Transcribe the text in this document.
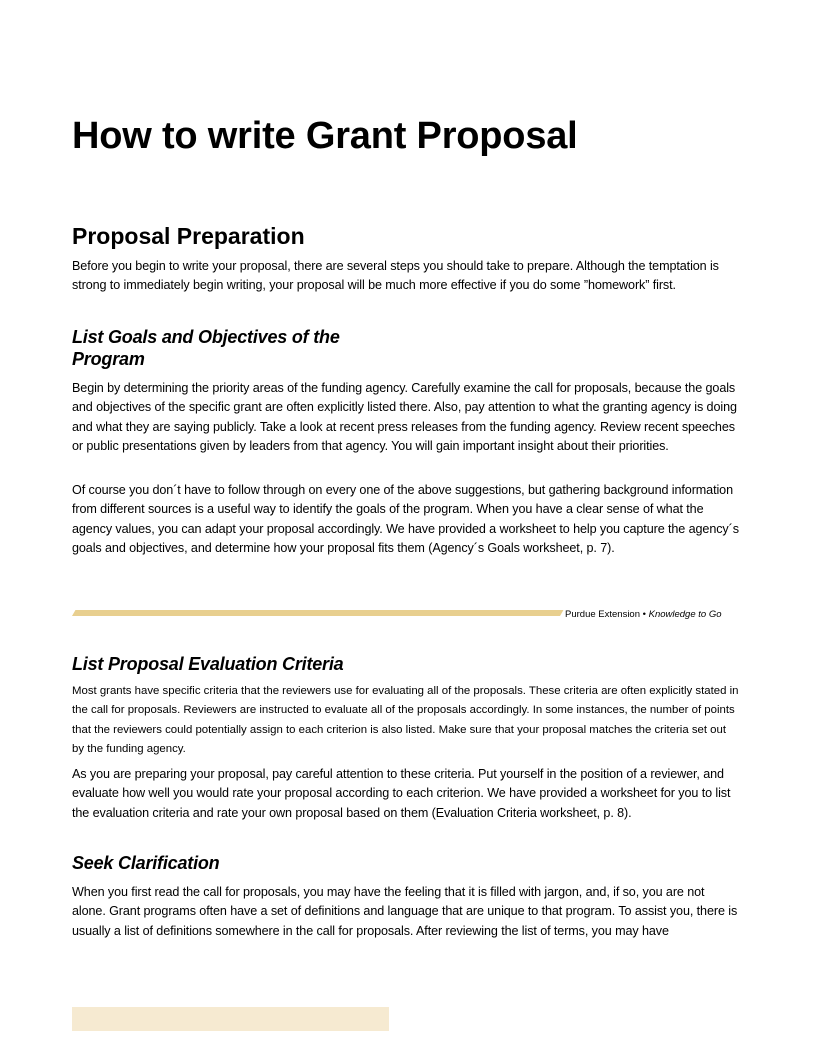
How to write Grant Proposal
Proposal Preparation

Before you begin to write your proposal, there are several steps you should take to prepare. Although the temptation is strong to immediately begin writing, your proposal will be much more effective if you do some ”homework” first.

List Goals and Objectives of the
Program

Begin by determining the priority areas of the funding agency. Carefully examine the call for proposals, because the goals and objectives of the specific grant are often explicitly listed there. Also, pay attention to what the granting agency is doing and what they are saying publicly. Take a look at recent press releases from the funding agency. Review recent speeches or public presentations given by leaders from that agency. You will gain important insight about their priorities.

Of course you don´t have to follow through on every one of the above suggestions, but gathering background information from different sources is a useful way to identify the goals of the program. When you have a clear sense of what the agency values, you can adapt your proposal accordingly. We have provided a worksheet to help you capture the agency´s goals and objectives, and determine how your proposal fits them (Agency´s Goals worksheet, p. 7).

Purdue Extension • Knowledge to Go
List Proposal Evaluation Criteria

Most grants have specific criteria that the reviewers use for evaluating all of the proposals. These criteria are often explicitly stated in the call for proposals. Reviewers are instructed to evaluate all of the proposals accordingly. In some instances, the number of points that the reviewers could potentially assign to each criterion is also listed. Make sure that your proposal matches the criteria set out by the funding agency.

As you are preparing your proposal, pay careful attention to these criteria. Put yourself in the position of a reviewer, and evaluate how well you would rate your proposal according to each criterion. We have provided a worksheet for you to list the evaluation criteria and rate your own proposal based on them (Evaluation Criteria worksheet, p. 8).

Seek Clarification

When you first read the call for proposals, you may have the feeling that it is filled with jargon, and, if so, you are not alone. Grant programs often have a set of definitions and language that are unique to that program. To assist you, there is usually a list of definitions somewhere in the call for proposals. After reviewing the list of terms, you may have
